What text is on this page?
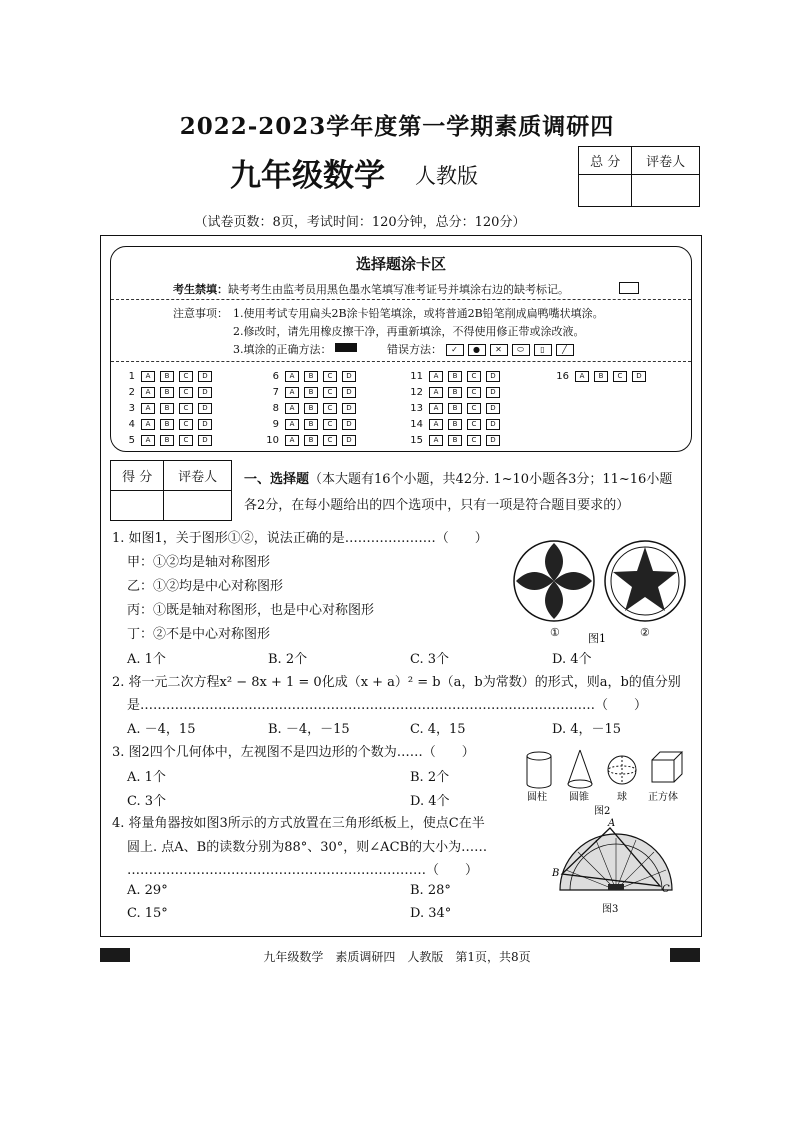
2022-2023学年度第一学期素质调研四
九年级数学 人教版
（试卷页数：8页，考试时间：120分钟，总分：120分）
总 分	评卷人

选择题涂卡区
考生禁填：缺考考生由监考员用黑色墨水笔填写准考证号并填涂右边的缺考标记。
注意事项： 1.使用考试专用扁头2B涂卡铅笔填涂，或将普通2B铅笔削成扁鸭嘴状填涂。
2.修改时，请先用橡皮擦干净，再重新填涂，不得使用修正带或涂改液。
3.填涂的正确方法：	错误方法： ✓ ● ✕ ⬭ ▯ ╱
1 A B C D
2 A B C D
3 A B C D
4 A B C D
5 A B C D
6 A B C D
7 A B C D
8 A B C D
9 A B C D
10 A B C D
11 A B C D
12 A B C D
13 A B C D
14 A B C D
15 A B C D
16 A B C D
得 分	评卷人
	一、选择题（本大题有16个小题，共42分. 1~10小题各3分；11~16小题
各2分，在每小题给出的四个选项中，只有一项是符合题目要求的）
1. 如图1，关于图形①②，说法正确的是…………………（　　）
甲：①②均是轴对称图形
乙：①②均是中心对称图形
丙：①既是轴对称图形，也是中心对称图形
丁：②不是中心对称图形
A. 1个	B. 2个	C. 3个	D. 4个
①	图1	②
2. 将一元二次方程x² − 8x + 1 = 0化成（x + a）² = b（a，b为常数）的形式，则a，b的值分别
是……………………………………………………………………………………………（　　）
A. －4，15	B. －4，－15	C. 4，15	D. 4，－15
3. 图2四个几何体中，左视图不是四边形的个数为……（　　）
A. 1个	B. 2个
C. 3个	D. 4个	圆柱 圆锥	球 正方体
图2
4. 将量角器按如图3所示的方式放置在三角形纸板上，使点C在半
圆上. 点A、B的读数分别为88°、30°，则∠ACB的大小为……
……………………………………………………………（　　）
A. 29°	B. 28°
C. 15°	D. 34°
A
B
C
图3
九年级数学　素质调研四　人教版　第1页，共8页
